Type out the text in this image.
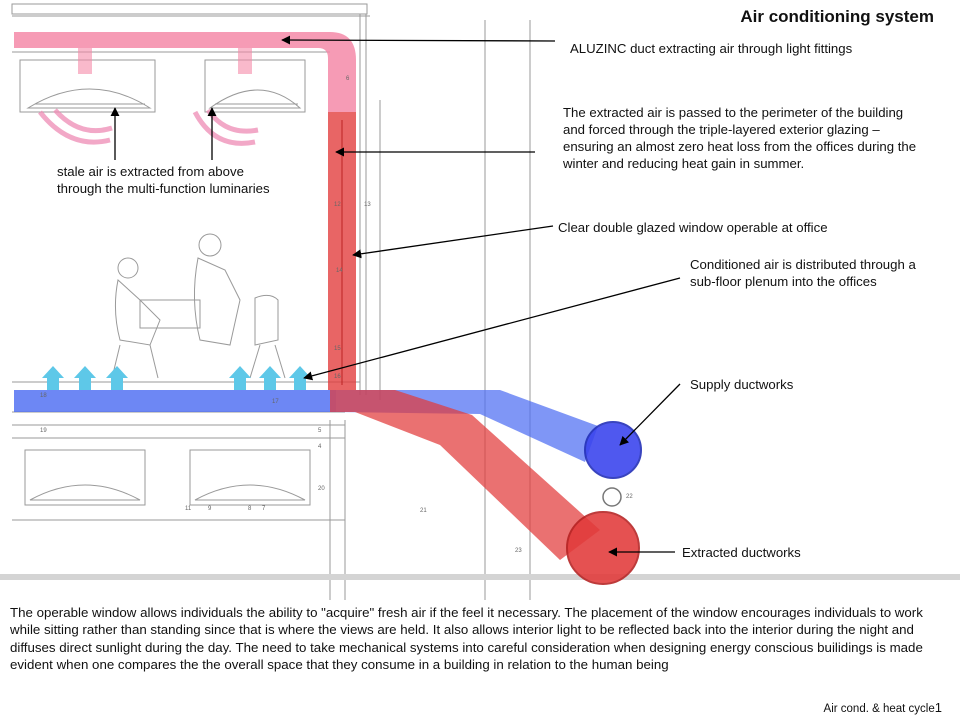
6
12	13
14
15
16
17
18
19	5
4
11	9	8 7
20
21
22
23
Air conditioning system
ALUZINC duct extracting air through light fittings
The extracted air is passed to the perimeter of the building and forced through the triple-layered exterior glazing – ensuring an almost zero heat loss from the offices during the winter and reducing heat gain in summer.
stale air is extracted from above through the multi-function luminaries
Clear double glazed window operable at office
Conditioned air is distributed through a sub-floor plenum into the offices
Supply ductworks
Extracted ductworks
The operable window allows individuals the ability to "acquire" fresh air if the feel it necessary. The placement of the window encourages individuals to work while sitting rather than standing since that is where the views are held. It also allows interior light to be reflected back into the interior during the night and diffuses direct sunlight during the day. The need to take mechanical systems into careful consideration when designing energy conscious builidings is made evident when one compares the the overall space that they consume in a building in relation to the human being
Air cond. & heat cycle1
